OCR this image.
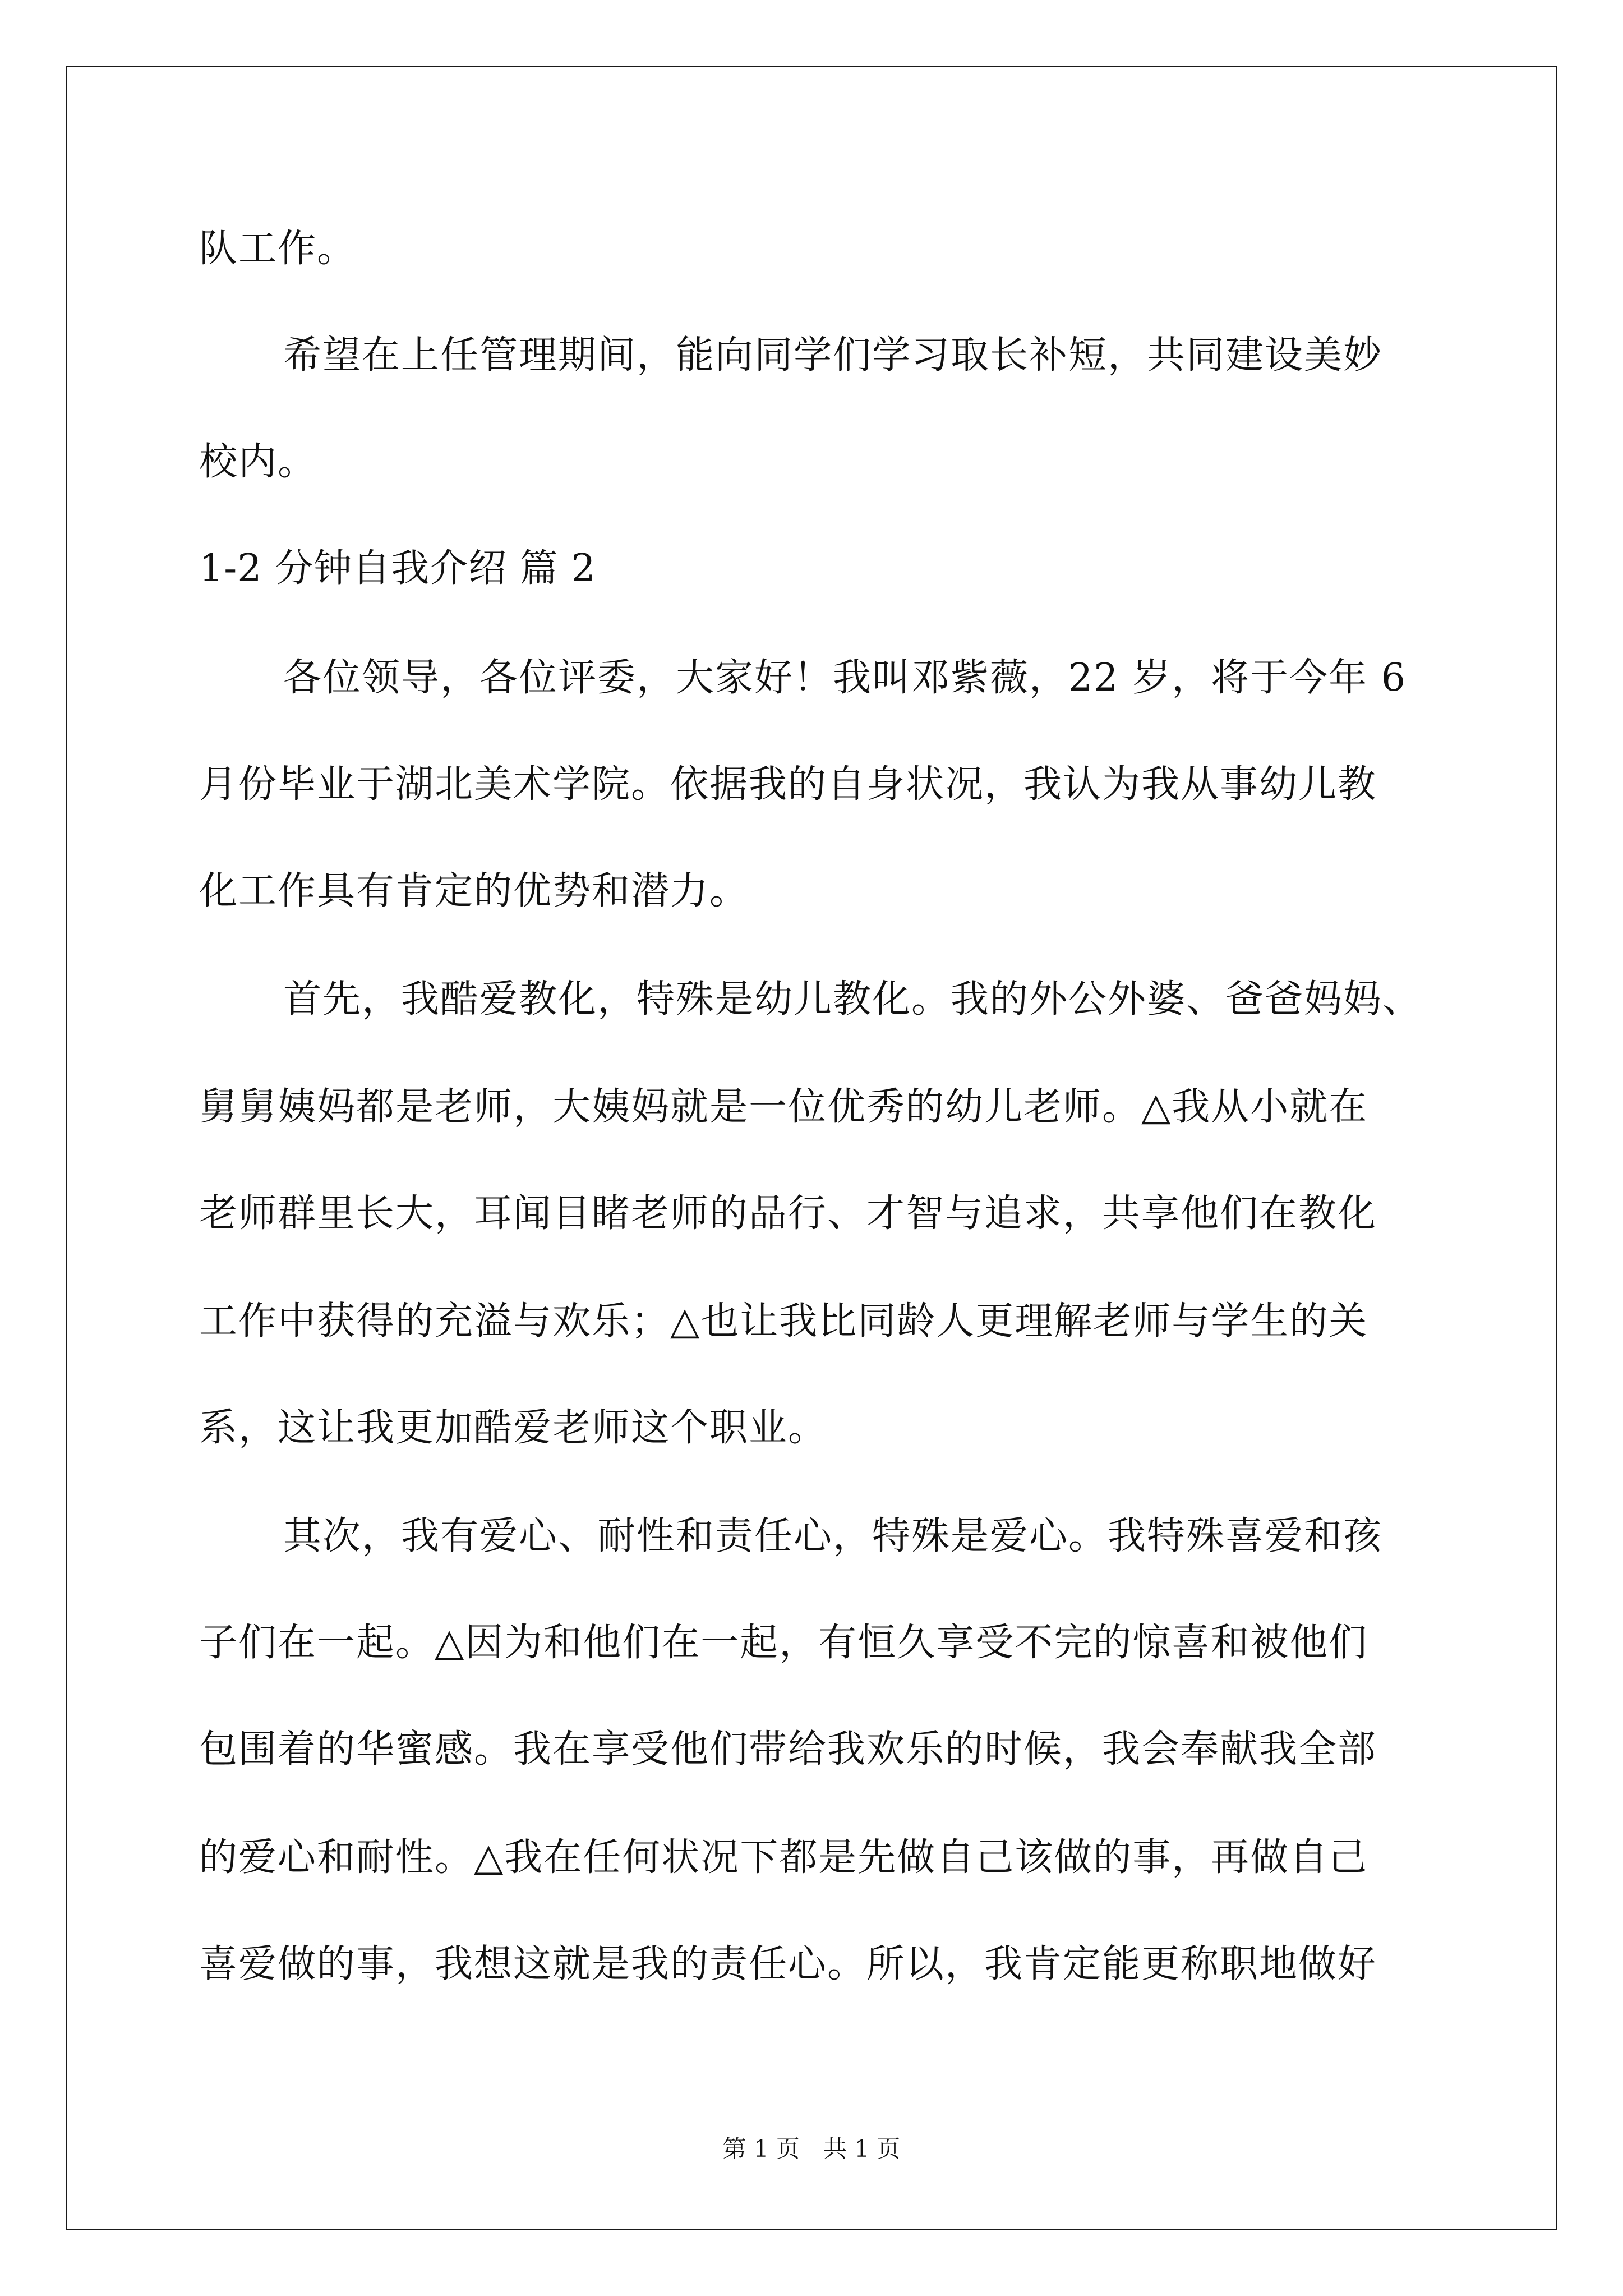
队工作。
希望在上任管理期间，能向同学们学习取长补短，共同建设美妙
校内。
1-2 分钟自我介绍 篇 2
各位领导，各位评委，大家好！我叫邓紫薇，22 岁，将于今年 6
月份毕业于湖北美术学院。依据我的自身状况，我认为我从事幼儿教
化工作具有肯定的优势和潜力。
首先，我酷爱教化，特殊是幼儿教化。我的外公外婆、爸爸妈妈、
舅舅姨妈都是老师，大姨妈就是一位优秀的幼儿老师。△我从小就在
老师群里长大，耳闻目睹老师的品行、才智与追求，共享他们在教化
工作中获得的充溢与欢乐；△也让我比同龄人更理解老师与学生的关
系，这让我更加酷爱老师这个职业。
其次，我有爱心、耐性和责任心，特殊是爱心。我特殊喜爱和孩
子们在一起。△因为和他们在一起，有恒久享受不完的惊喜和被他们
包围着的华蜜感。我在享受他们带给我欢乐的时候，我会奉献我全部
的爱心和耐性。△我在任何状况下都是先做自己该做的事，再做自己
喜爱做的事，我想这就是我的责任心。所以，我肯定能更称职地做好
第 1 页　共 1 页
